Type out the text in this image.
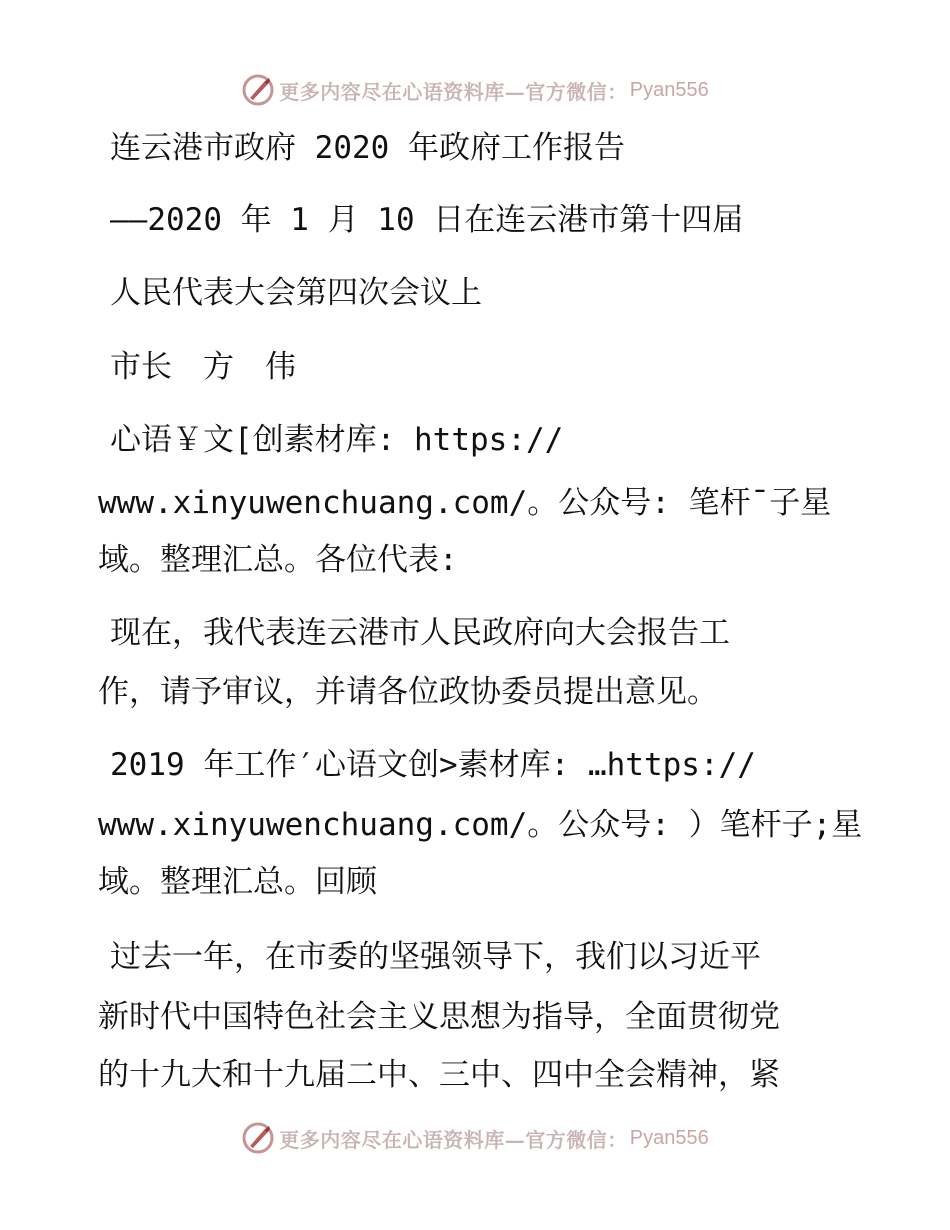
更多内容尽在心语资料库—官方微信： Pyan556
连云港市政府 2020 年政府工作报告
——2020 年 1 月 10 日在连云港市第十四届
人民代表大会第四次会议上
市长　方　伟
心语￥文[创素材库: https://
www.xinyuwenchuang.com/。公众号: 笔杆¯子星
域。整理汇总。各位代表:
现在，我代表连云港市人民政府向大会报告工
作，请予审议，并请各位政协委员提出意见。
2019 年工作′心语文创>素材库: …https://
www.xinyuwenchuang.com/。公众号: ）笔杆子;星
域。整理汇总。回顾
过去一年，在市委的坚强领导下，我们以习近平
新时代中国特色社会主义思想为指导，全面贯彻党
的十九大和十九届二中、三中、四中全会精神，紧
更多内容尽在心语资料库—官方微信： Pyan556
